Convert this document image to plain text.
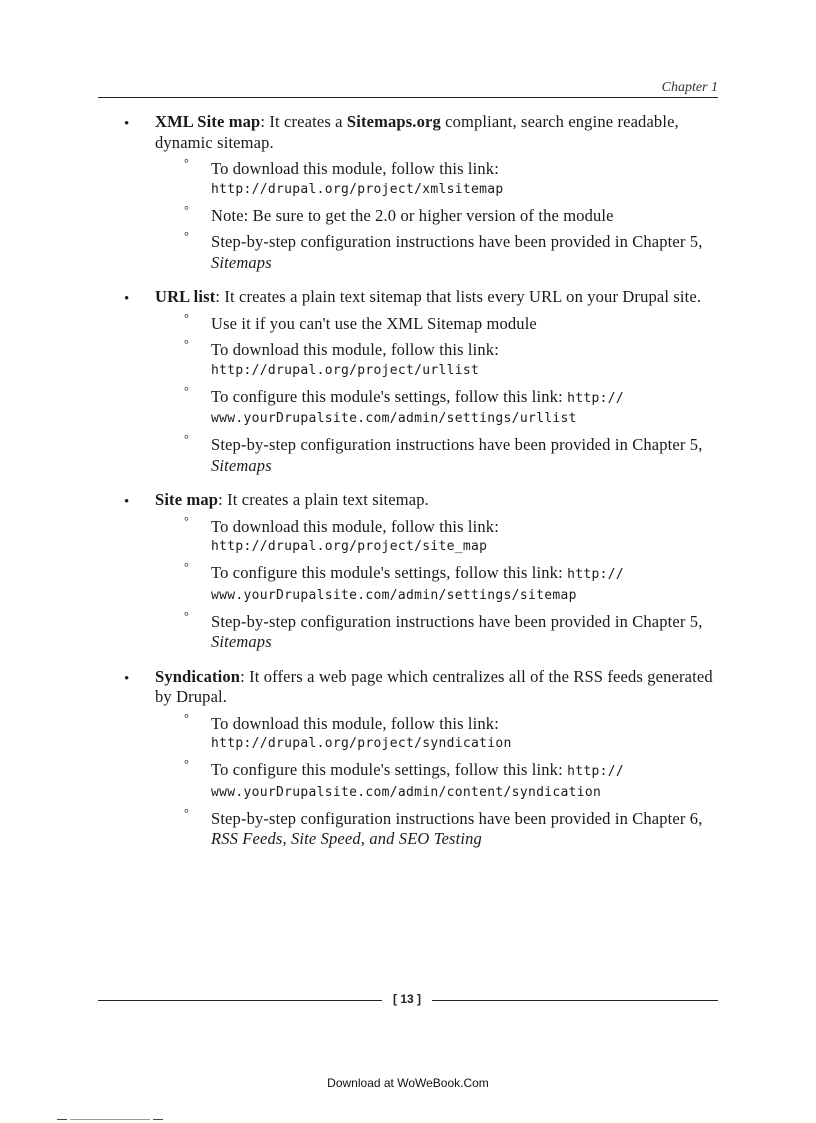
Chapter 1
• XML Site map: It creates a Sitemaps.org compliant, search engine readable, dynamic sitemap.
° To download this module, follow this link:
http://drupal.org/project/xmlsitemap
° Note: Be sure to get the 2.0 or higher version of the module
° Step-by-step configuration instructions have been provided in Chapter 5, Sitemaps
• URL list: It creates a plain text sitemap that lists every URL on your Drupal site.
° Use it if you can't use the XML Sitemap module
° To download this module, follow this link:
http://drupal.org/project/urllist
° To configure this module's settings, follow this link: http://
www.yourDrupalsite.com/admin/settings/urllist
° Step-by-step configuration instructions have been provided in Chapter 5, Sitemaps
• Site map: It creates a plain text sitemap.
° To download this module, follow this link:
http://drupal.org/project/site_map
° To configure this module's settings, follow this link: http://
www.yourDrupalsite.com/admin/settings/sitemap
° Step-by-step configuration instructions have been provided in Chapter 5, Sitemaps
• Syndication: It offers a web page which centralizes all of the RSS feeds generated by Drupal.
° To download this module, follow this link:
http://drupal.org/project/syndication
° To configure this module's settings, follow this link: http://
www.yourDrupalsite.com/admin/content/syndication
° Step-by-step configuration instructions have been provided in Chapter 6, RSS Feeds, Site Speed, and SEO Testing
[ 13 ]
Download at WoWeBook.Com
